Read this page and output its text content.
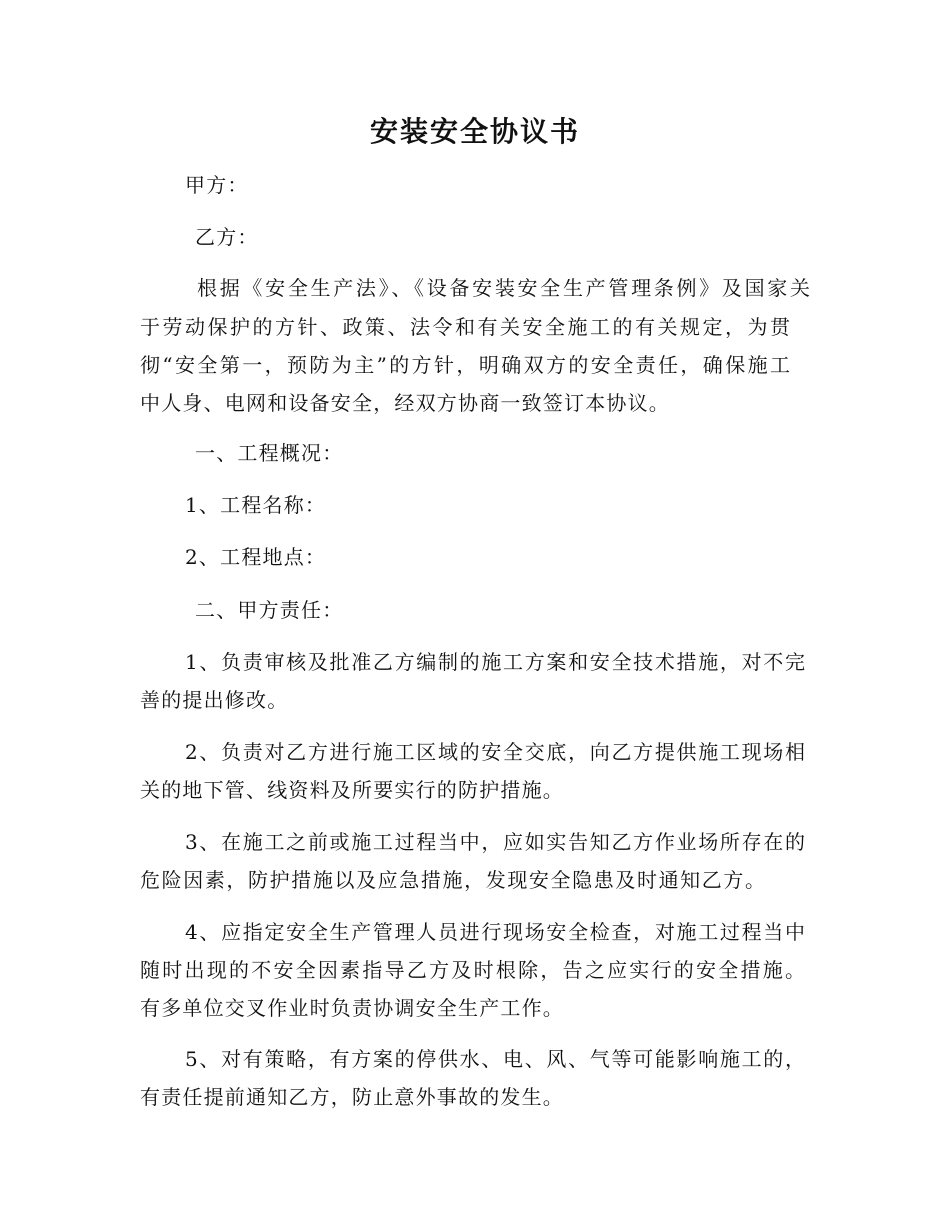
安装安全协议书

甲方：

乙方：

根据《安全生产法》、《设备安装安全生产管理条例》及国家关

于劳动保护的方针、政策、法令和有关安全施工的有关规定，为贯

彻“安全第一，预防为主”的方针，明确双方的安全责任，确保施工

中人身、电网和设备安全，经双方协商一致签订本协议。

一、工程概况：

1、工程名称：

2、工程地点：

二、甲方责任：

1、负责审核及批准乙方编制的施工方案和安全技术措施，对不完

善的提出修改。

2、负责对乙方进行施工区域的安全交底，向乙方提供施工现场相

关的地下管、线资料及所要实行的防护措施。

3、在施工之前或施工过程当中，应如实告知乙方作业场所存在的

危险因素，防护措施以及应急措施，发现安全隐患及时通知乙方。

4、应指定安全生产管理人员进行现场安全检查，对施工过程当中

随时出现的不安全因素指导乙方及时根除，告之应实行的安全措施。

有多单位交叉作业时负责协调安全生产工作。

5、对有策略，有方案的停供水、电、风、气等可能影响施工的，

有责任提前通知乙方，防止意外事故的发生。
